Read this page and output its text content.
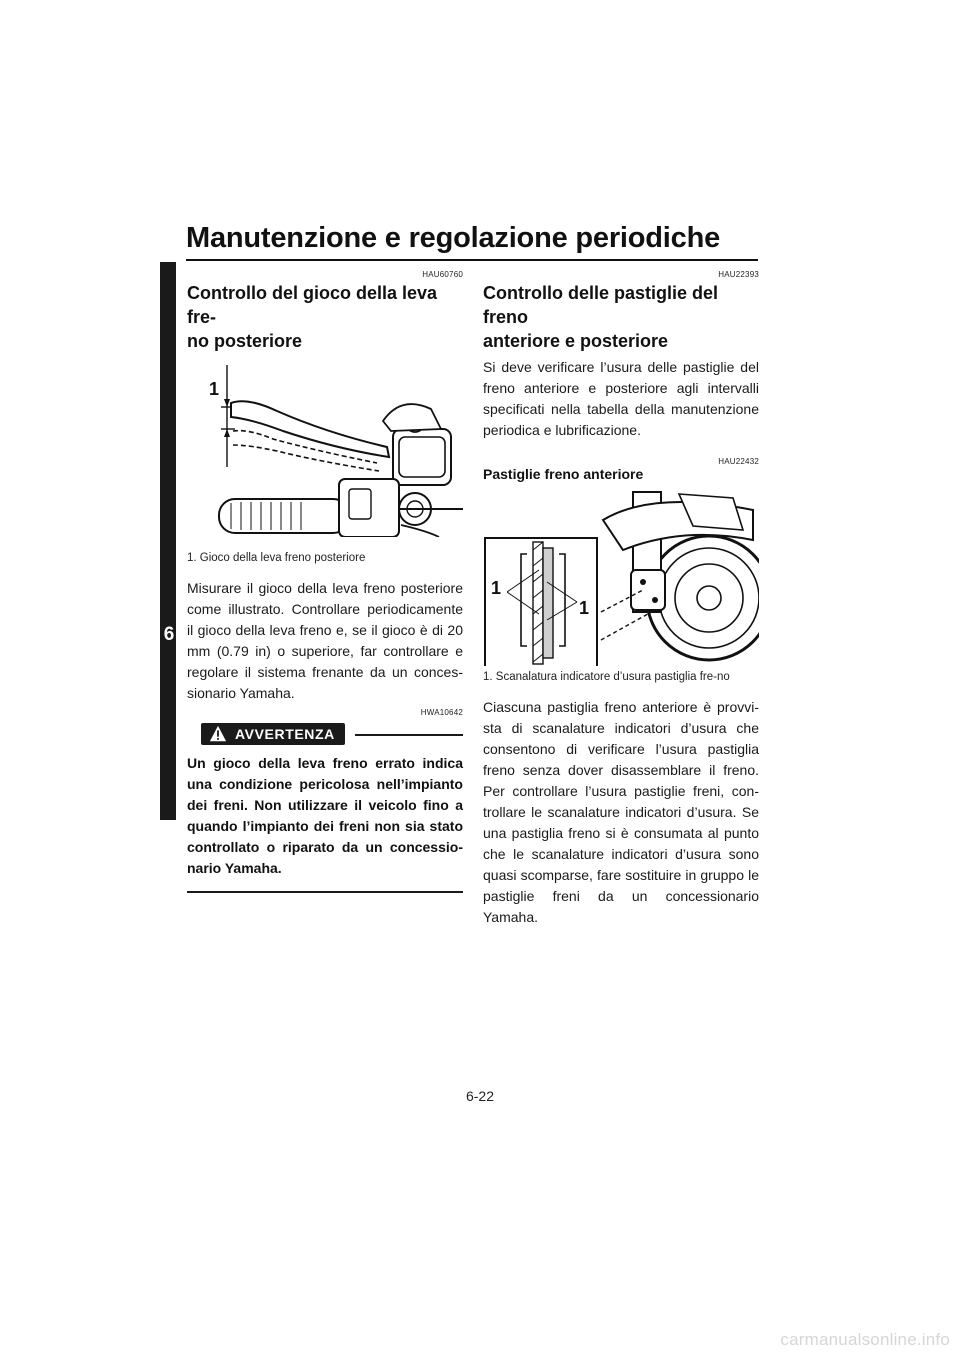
Manutenzione e regolazione periodiche
6

HAU60760

Controllo del gioco della leva fre-
no posteriore
1

1. Gioco della leva freno posteriore

Misurare il gioco della leva freno posteriore come illustrato. Controllare periodicamente il gioco della leva freno e, se il gioco è di 20 mm (0.79 in) o superiore, far controllare e regolare il sistema frenante da un conces-sionario Yamaha.

HWA10642

AVVERTENZA

Un gioco della leva freno errato indica una condizione pericolosa nell’impianto dei freni. Non utilizzare il veicolo fino a quando l’impianto dei freni non sia stato controllato o riparato da un concessio-nario Yamaha.

HAU22393

Controllo delle pastiglie del freno
anteriore e posteriore

Si deve verificare l’usura delle pastiglie del freno anteriore e posteriore agli intervalli specificati nella tabella della manutenzione periodica e lubrificazione.

HAU22432

Pastiglie freno anteriore

1
1

1. Scanalatura indicatore d’usura pastiglia fre-no

Ciascuna pastiglia freno anteriore è provvi-sta di scanalature indicatori d’usura che consentono di verificare l’usura pastiglia freno senza dover disassemblare il freno. Per controllare l’usura pastiglie freni, con-trollare le scanalature indicatori d’usura. Se una pastiglia freno si è consumata al punto che le scanalature indicatori d’usura sono quasi scomparse, fare sostituire in gruppo le pastiglie freni da un concessionario Yamaha.

6-22
carmanualsonline.info
